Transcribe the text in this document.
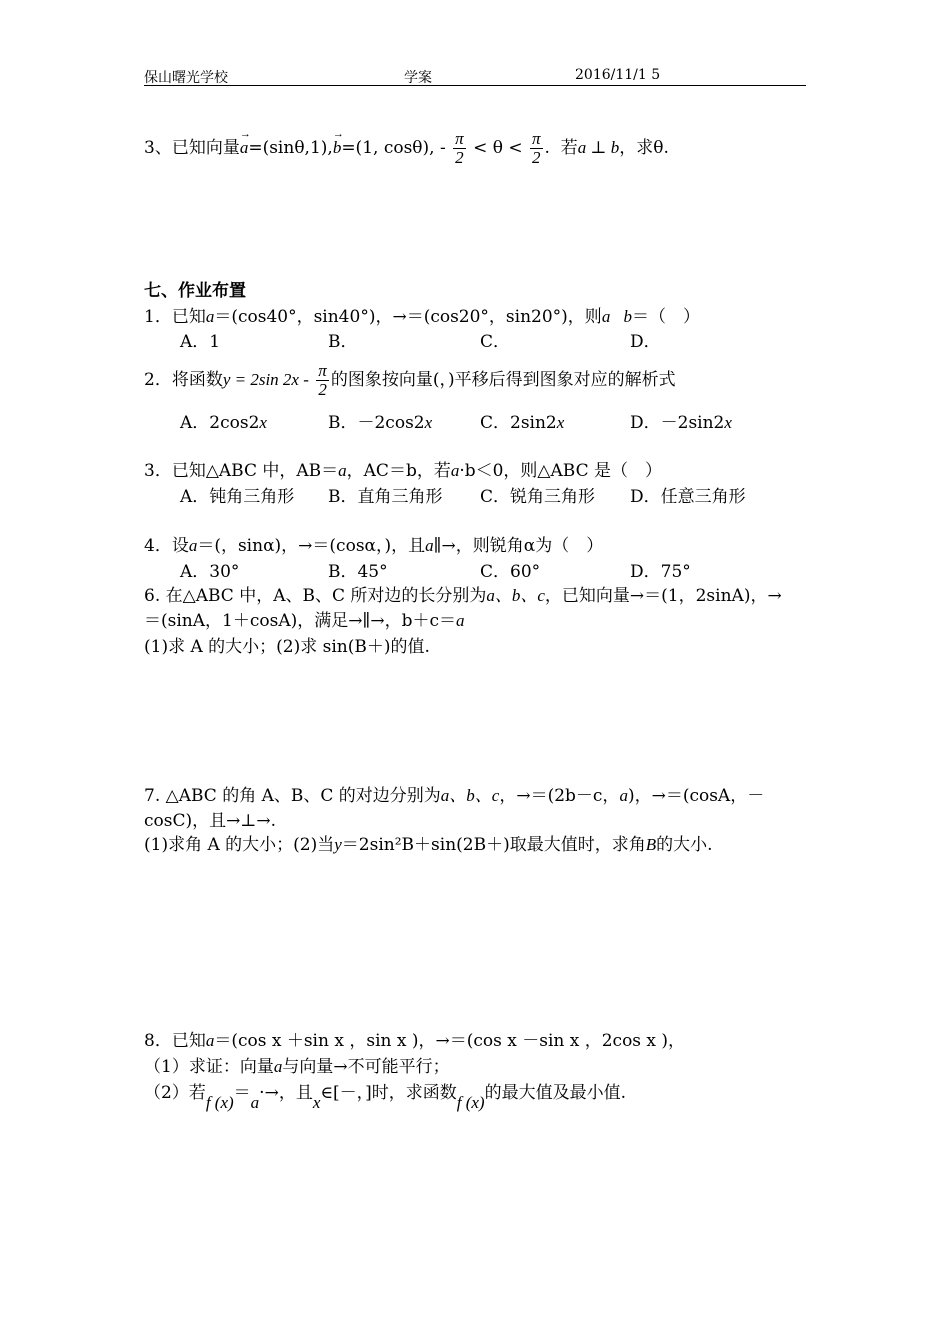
保山曙光学校	学案	2016/11/1 5
3、已知向量→ a=(sinθ,1),→ b=(1, cosθ), - $\frac{\pi}{2} < \theta < \frac{\pi}{2}$ . 若a ⊥ b，求θ.
七、作业布置
1．已知a＝(cos40°，sin40°)，→＝(cos20°，sin20°)，则a⃞b＝（　）
A．1	B．	C．	D．
2．将函数y = 2sin $2x - \frac{\pi}{2}$ 的图象按向量(，)平移后得到图象对应的解析式
A．2cos2x	B．－2cos2x	C．2sin2x	D．－2sin2x
3．已知△ABC 中，AB＝a，AC＝b，若a·b＜0，则△ABC 是（　）
A．钝角三角形 B．直角三角形 C．锐角三角形 D．任意三角形
4．设a＝(，sinα)，→＝(cosα，)，且a∥→，则锐角α为（　）
A．30°	B．45°	C．60°	D．75°
6. 在△ABC 中，A、B、C 所对边的长分别为a、b、c，已知向量→＝(1，2sinA)，→
＝(sinA，1＋cosA)，满足→∥→，b＋c＝a
(1)求 A 的大小；(2)求 sin(B＋)的值.
7. △ABC 的角 A、B、C 的对边分别为a、b、c，→＝(2b－c，a)，→＝(cosA，－
cosC)，且→⊥→.
(1)求角 A 的大小；(2)当y＝2sin²B＋sin(2B＋)取最大值时，求角B的大小.
8．已知a＝(cos x ＋sin x ，sin x )，→＝(cos x －sin x ，2cos x )，
（1）求证：向量a与向量→不可能平行；
（2）若f (x)＝a·→，且x∈[－，]时，求函数f (x)的最大值及最小值.
